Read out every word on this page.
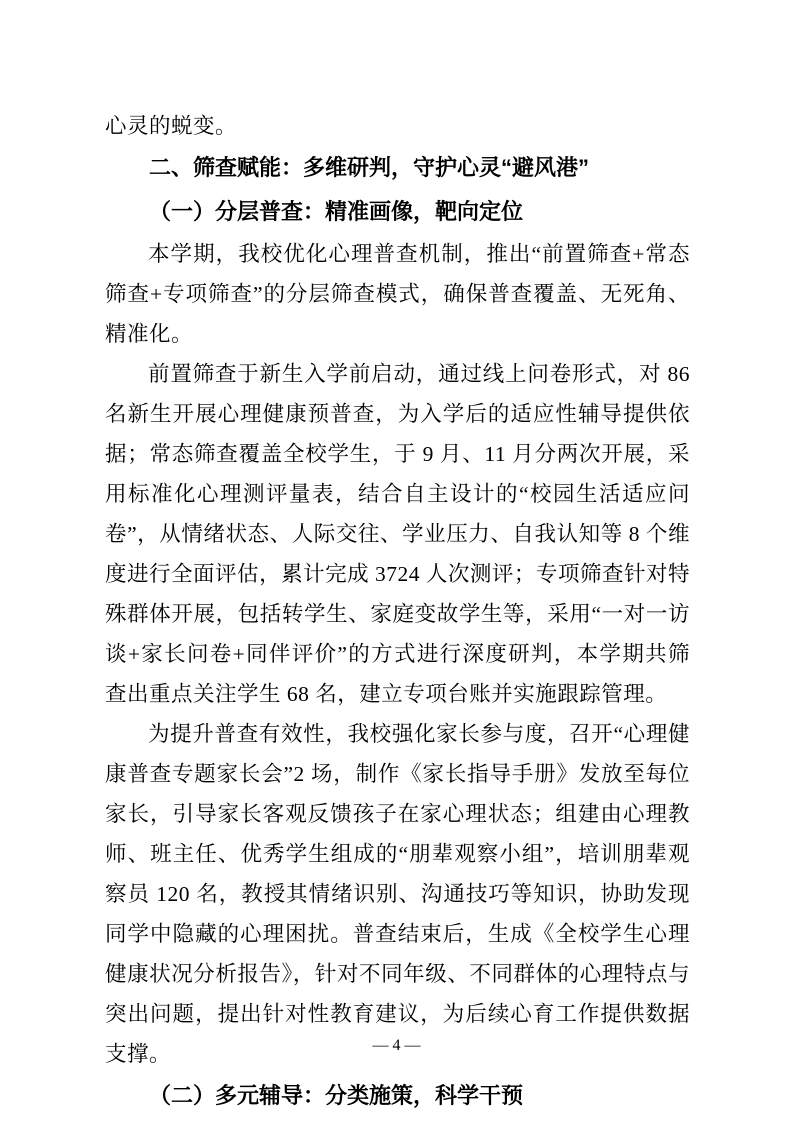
心灵的蜕变。

二、筛查赋能：多维研判，守护心灵“避风港”

（一）分层普查：精准画像，靶向定位

本学期，我校优化心理普查机制，推出“前置筛查+常态筛查+专项筛查”的分层筛查模式，确保普查覆盖、无死角、精准化。

前置筛查于新生入学前启动，通过线上问卷形式，对 86 名新生开展心理健康预普查，为入学后的适应性辅导提供依据；常态筛查覆盖全校学生，于 9 月、11 月分两次开展，采用标准化心理测评量表，结合自主设计的“校园生活适应问卷”，从情绪状态、人际交往、学业压力、自我认知等 8 个维度进行全面评估，累计完成 3724 人次测评；专项筛查针对特殊群体开展，包括转学生、家庭变故学生等，采用“一对一访谈+家长问卷+同伴评价”的方式进行深度研判，本学期共筛查出重点关注学生 68 名，建立专项台账并实施跟踪管理。

为提升普查有效性，我校强化家长参与度，召开“心理健康普查专题家长会”2 场，制作《家长指导手册》发放至每位家长，引导家长客观反馈孩子在家心理状态；组建由心理教师、班主任、优秀学生组成的“朋辈观察小组”，培训朋辈观察员 120 名，教授其情绪识别、沟通技巧等知识，协助发现同学中隐藏的心理困扰。普查结束后，生成《全校学生心理健康状况分析报告》，针对不同年级、不同群体的心理特点与突出问题，提出针对性教育建议，为后续心育工作提供数据支撑。

（二）多元辅导：分类施策，科学干预

— 4 —
